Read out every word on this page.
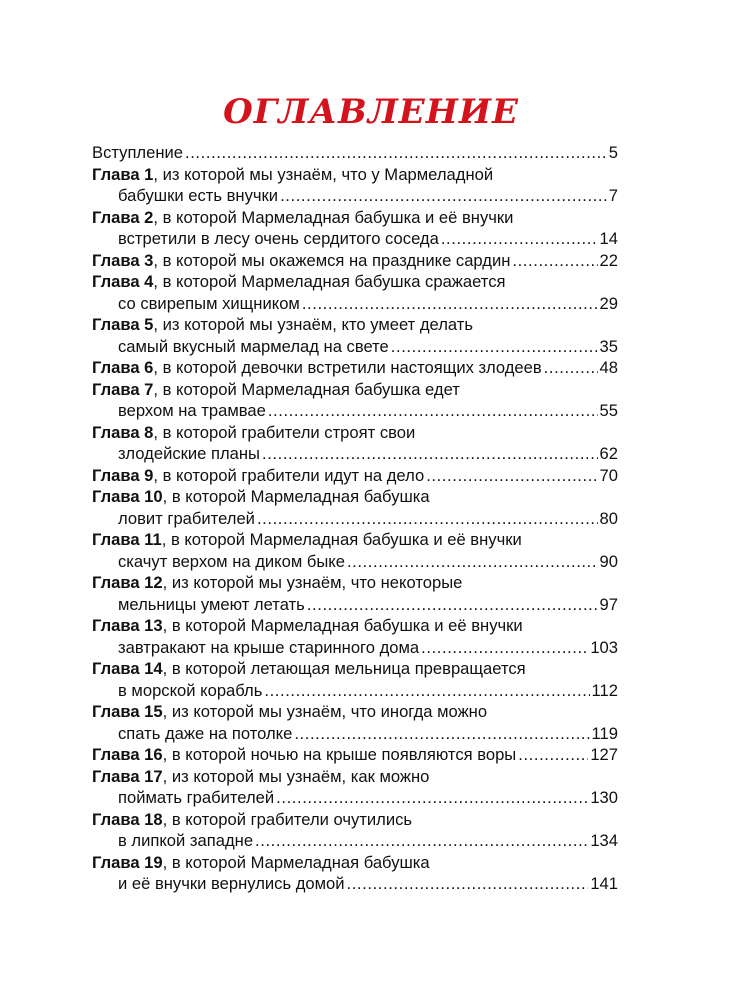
ОГЛАВЛЕНИЕ
Вступление .....	5
Глава 1 , из которой мы узнаём, что у Мармеладной
бабушки есть внучки .....	7
Глава 2 , в которой Мармеладная бабушка и её внучки
встретили в лесу очень сердитого соседа .....	14
Глава 3 , в которой мы окажемся на празднике сардин .....	22
Глава 4 , в которой Мармеладная бабушка сражается
со свирепым хищником .....	29
Глава 5 , из которой мы узнаём, кто умеет делать
самый вкусный мармелад на свете .....	35
Глава 6 , в которой девочки встретили настоящих злодеев .....	48
Глава 7 , в которой Мармеладная бабушка едет
верхом на трамвае .....	55
Глава 8 , в которой грабители строят свои
злодейские планы .....	62
Глава 9 , в которой грабители идут на дело .....	70
Глава 10 , в которой Мармеладная бабушка
ловит грабителей .....	80
Глава 11 , в которой Мармеладная бабушка и её внучки
скачут верхом на диком быке .....	90
Глава 12 , из которой мы узнаём, что некоторые
мельницы умеют летать .....	97
Глава 13 , в которой Мармеладная бабушка и её внучки
завтракают на крыше старинного дома .....	103
Глава 14 , в которой летающая мельница превращается
в морской корабль .....	112
Глава 15 , из которой мы узнаём, что иногда можно
спать даже на потолке .....	119
Глава 16 , в которой ночью на крыше появляются воры .....	127
Глава 17 , из которой мы узнаём, как можно
поймать грабителей .....	130
Глава 18 , в которой грабители очутились
в липкой западне .....	134
Глава 19 , в которой Мармеладная бабушка
и её внучки вернулись домой .....	141
